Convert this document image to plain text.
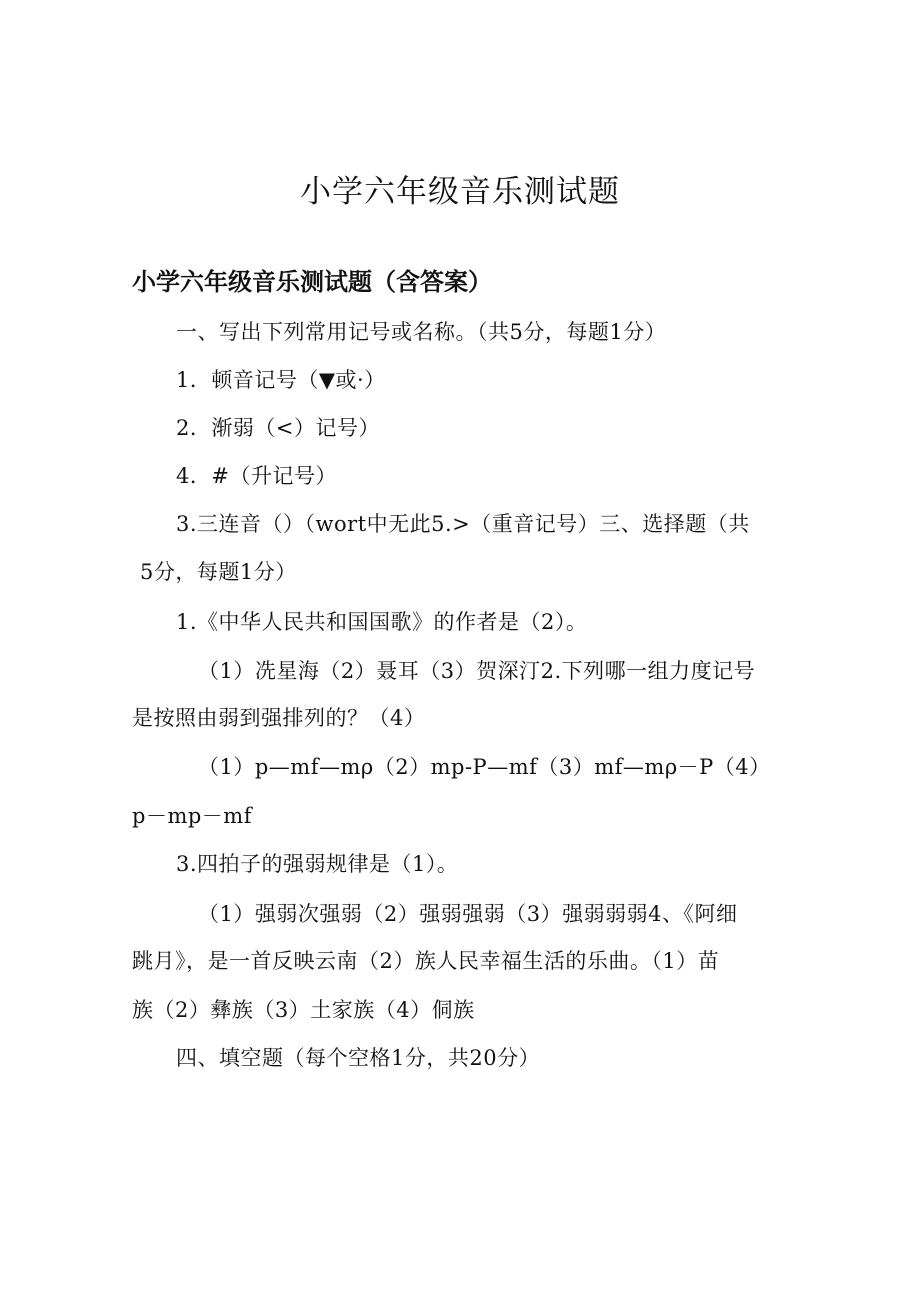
小学六年级音乐测试题
小学六年级音乐测试题（含答案）
一、写出下列常用记号或名称。（共5分，每题1分）
1．顿音记号（▼或·）
2．渐弱（<）记号）
4．#（升记号）
3.三连音（）（wort中无此5.>（重音记号）三、选择题（共
5分，每题1分）
1.《中华人民共和国国歌》的作者是（2）。
（1）冼星海（2）聂耳（3）贺深汀2.下列哪一组力度记号
是按照由弱到强排列的？（4）
（1）p—mf—mρ（2）mp-P—mf（3）mf—mρ－P（4）
p－mp－mf
3.四拍子的强弱规律是（1）。
（1）强弱次强弱（2）强弱强弱（3）强弱弱弱4、《阿细
跳月》，是一首反映云南（2）族人民幸福生活的乐曲。（1）苗
族（2）彝族（3）土家族（4）侗族
四、填空题（每个空格1分，共20分）
